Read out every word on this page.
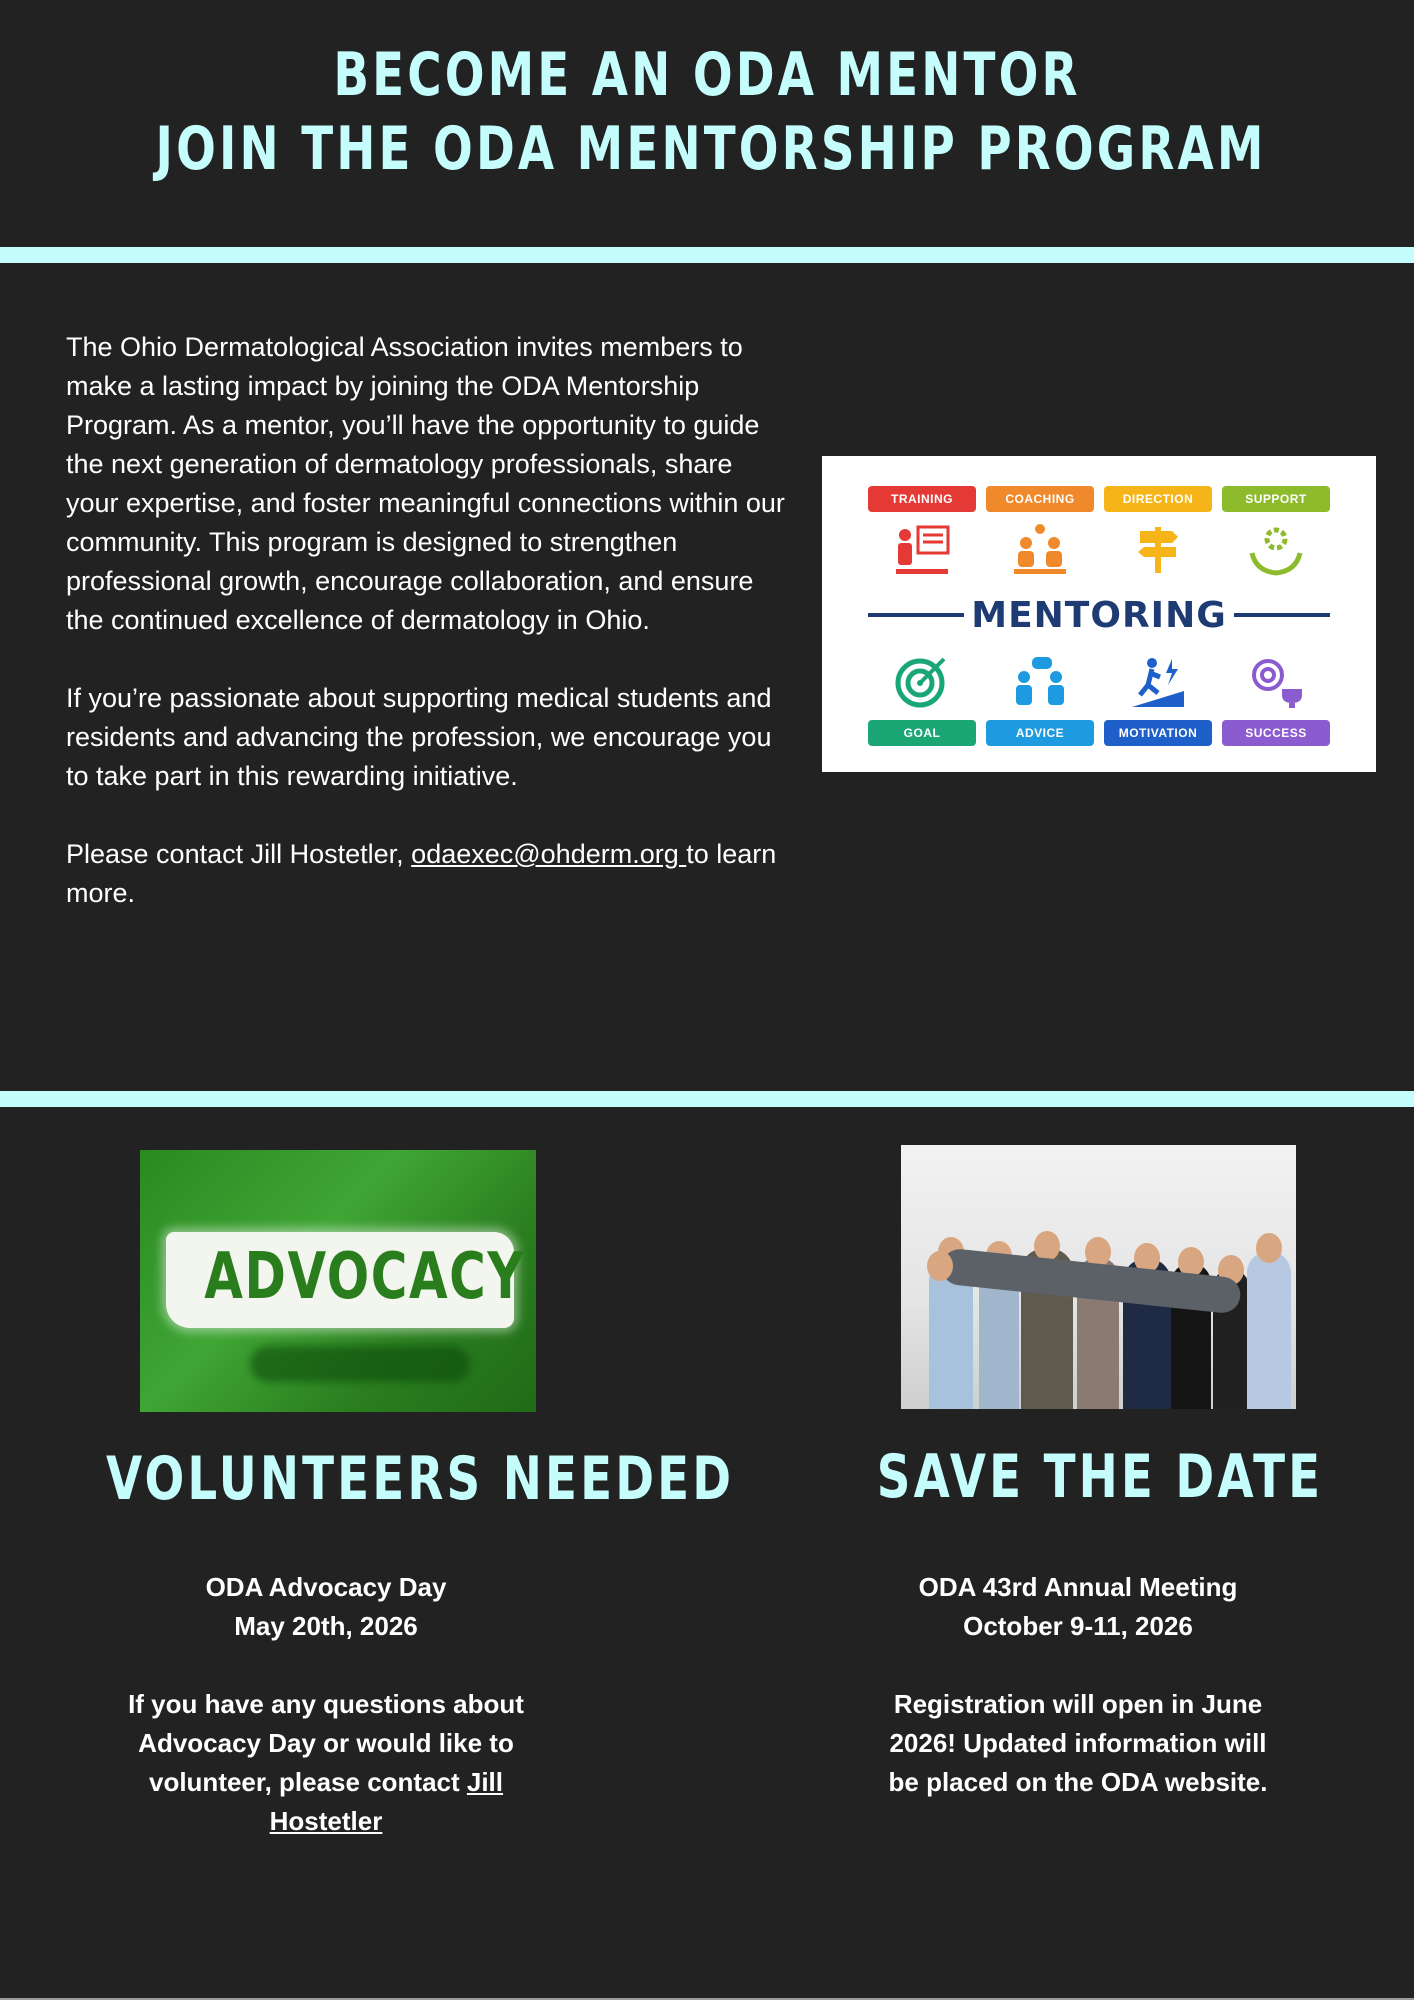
BECOME AN ODA MENTOR
JOIN THE ODA MENTORSHIP PROGRAM

The Ohio Dermatological Association invites members to make a lasting impact by joining the ODA Mentorship Program. As a mentor, you’ll have the opportunity to guide the next generation of dermatology professionals, share your expertise, and foster meaningful connections within our community. This program is designed to strengthen professional growth, encourage collaboration, and ensure the continued excellence of dermatology in Ohio.

If you’re passionate about supporting medical students and residents and advancing the profession, we encourage you to take part in this rewarding initiative.

Please contact Jill Hostetler, odaexec@ohderm.org to learn more.

TRAINING	COACHING	DIRECTION	SUPPORT
MENTORING
GOAL	ADVICE	MOTIVATION	SUCCESS
ADVOCACY
VOLUNTEERS NEEDED SAVE THE DATE

ODA Advocacy Day
May 20th, 2026

If you have any questions about Advocacy Day or would like to volunteer, please contact Jill Hostetler

ODA 43rd Annual Meeting
October 9-11, 2026

Registration will open in June 2026! Updated information will be placed on the ODA website.
